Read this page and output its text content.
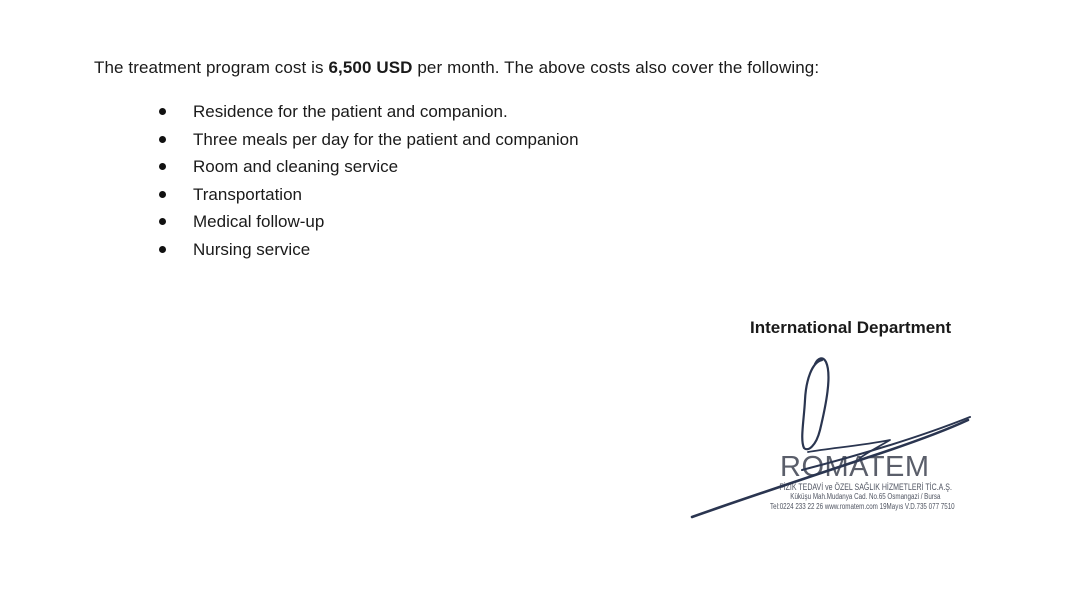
The treatment program cost is 6,500 USD per month. The above costs also cover the following:
Residence for the patient and companion.
Three meals per day for the patient and companion
Room and cleaning service
Transportation
Medical follow-up
Nursing service
International Department
ROMATEM
FİZİK TEDAVİ ve ÖZEL SAĞLIK HİZMETLERİ TİC.A.Ş.
Küküşu Mah.Mudanya Cad. No.65 Osmangazi / Bursa
Tel:0224 233 22 26 www.romatem.com 19Mayıs V.D.735 077 7510
